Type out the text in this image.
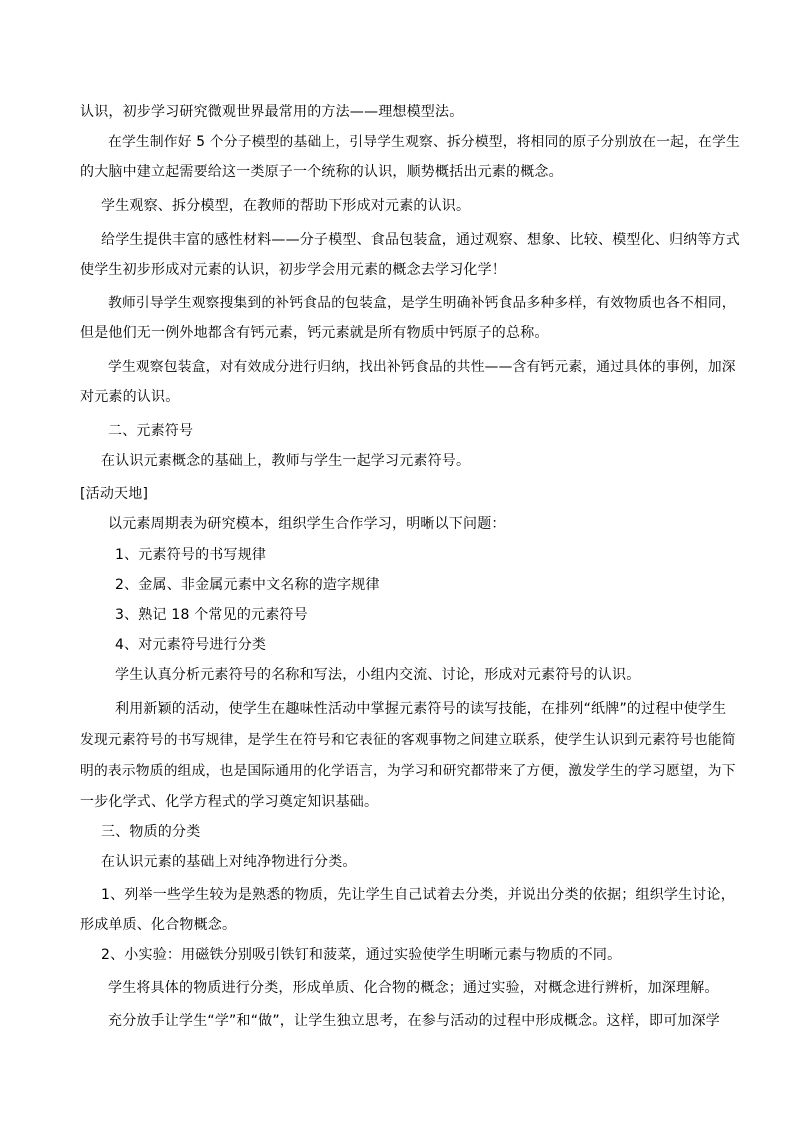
认识，初步学习研究微观世界最常用的方法——理想模型法。
在学生制作好 5 个分子模型的基础上，引导学生观察、拆分模型，将相同的原子分别放在一起，在学生
的大脑中建立起需要给这一类原子一个统称的认识，顺势概括出元素的概念。
学生观察、拆分模型，在教师的帮助下形成对元素的认识。
给学生提供丰富的感性材料——分子模型、食品包装盒，通过观察、想象、比较、模型化、归纳等方式
使学生初步形成对元素的认识，初步学会用元素的概念去学习化学！
教师引导学生观察搜集到的补钙食品的包装盒，是学生明确补钙食品多种多样，有效物质也各不相同，
但是他们无一例外地都含有钙元素，钙元素就是所有物质中钙原子的总称。
学生观察包装盒，对有效成分进行归纳，找出补钙食品的共性——含有钙元素，通过具体的事例，加深
对元素的认识。
二、元素符号
在认识元素概念的基础上，教师与学生一起学习元素符号。
[活动天地]
以元素周期表为研究模本，组织学生合作学习，明晰以下问题：
1、元素符号的书写规律
2、金属、非金属元素中文名称的造字规律
3、熟记 18 个常见的元素符号
4、对元素符号进行分类
学生认真分析元素符号的名称和写法，小组内交流、讨论，形成对元素符号的认识。
利用新颖的活动，使学生在趣味性活动中掌握元素符号的读写技能，在排列“纸牌”的过程中使学生
发现元素符号的书写规律，是学生在符号和它表征的客观事物之间建立联系，使学生认识到元素符号也能简
明的表示物质的组成，也是国际通用的化学语言，为学习和研究都带来了方便，激发学生的学习愿望，为下
一步化学式、化学方程式的学习奠定知识基础。
三、物质的分类
在认识元素的基础上对纯净物进行分类。
1、列举一些学生较为是熟悉的物质，先让学生自己试着去分类，并说出分类的依据；组织学生讨论，
形成单质、化合物概念。
2、小实验：用磁铁分别吸引铁钉和菠菜，通过实验使学生明晰元素与物质的不同。
学生将具体的物质进行分类，形成单质、化合物的概念；通过实验，对概念进行辨析，加深理解。
充分放手让学生“学”和“做”，让学生独立思考，在参与活动的过程中形成概念。这样，即可加深学
